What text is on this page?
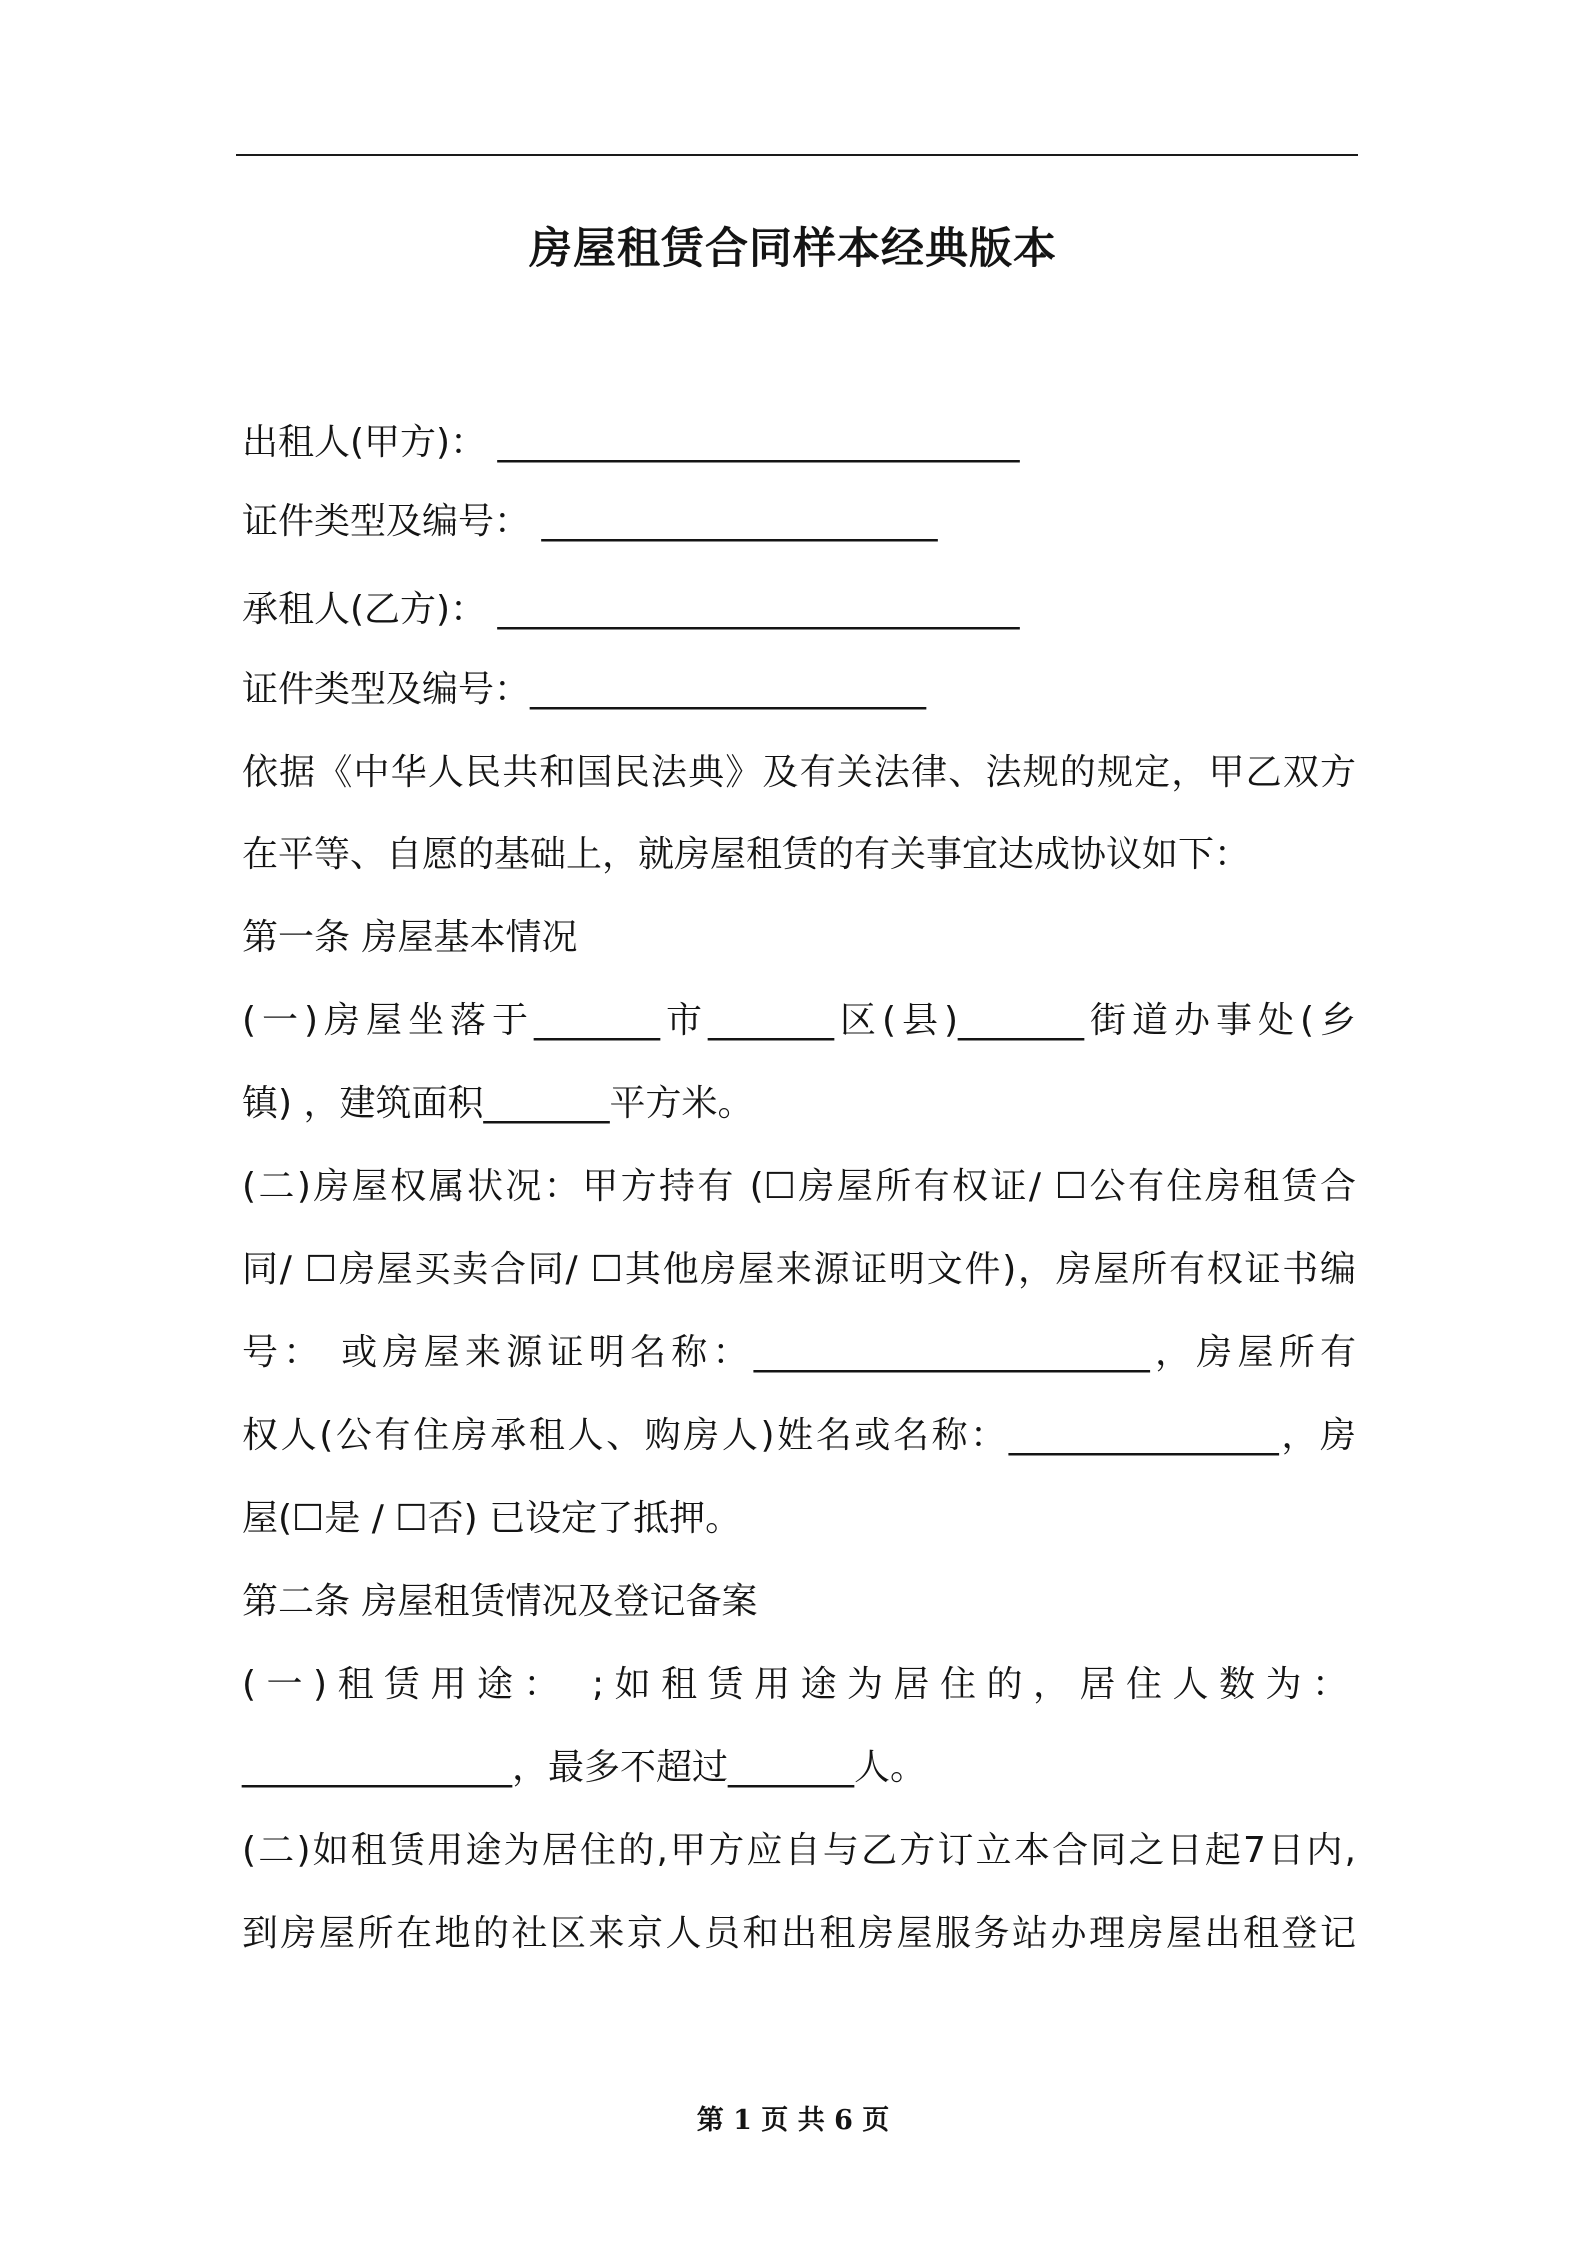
房屋租赁合同样本经典版本
出租人(甲方)： _____________________________
证件类型及编号： ______________________
承租人(乙方)： _____________________________
证件类型及编号：______________________
依据《中华人民共和国民法典》及有关法律、法规的规定，甲乙双方
在平等、自愿的基础上，就房屋租赁的有关事宜达成协议如下：
第一条 房屋基本情况
(一)房屋坐落于_______市_______区(县)_______街道办事处(乡
镇) ，建筑面积_______平方米。
(二)房屋权属状况：甲方持有 (☐房屋所有权证/ ☐公有住房租赁合
同/ ☐房屋买卖合同/ ☐其他房屋来源证明文件)，房屋所有权证书编
号： 或房屋来源证明名称：______________________，房屋所有
权人(公有住房承租人、购房人)姓名或名称：_______________，房
屋(☐是 / ☐否) 已设定了抵押。
第二条 房屋租赁情况及登记备案
(一)租赁用途： ;如租赁用途为居住的，居住人数为：
_______________，最多不超过_______人。
(二)如租赁用途为居住的,甲方应自与乙方订立本合同之日起7日内,
到房屋所在地的社区来京人员和出租房屋服务站办理房屋出租登记
第 1 页 共 6 页
